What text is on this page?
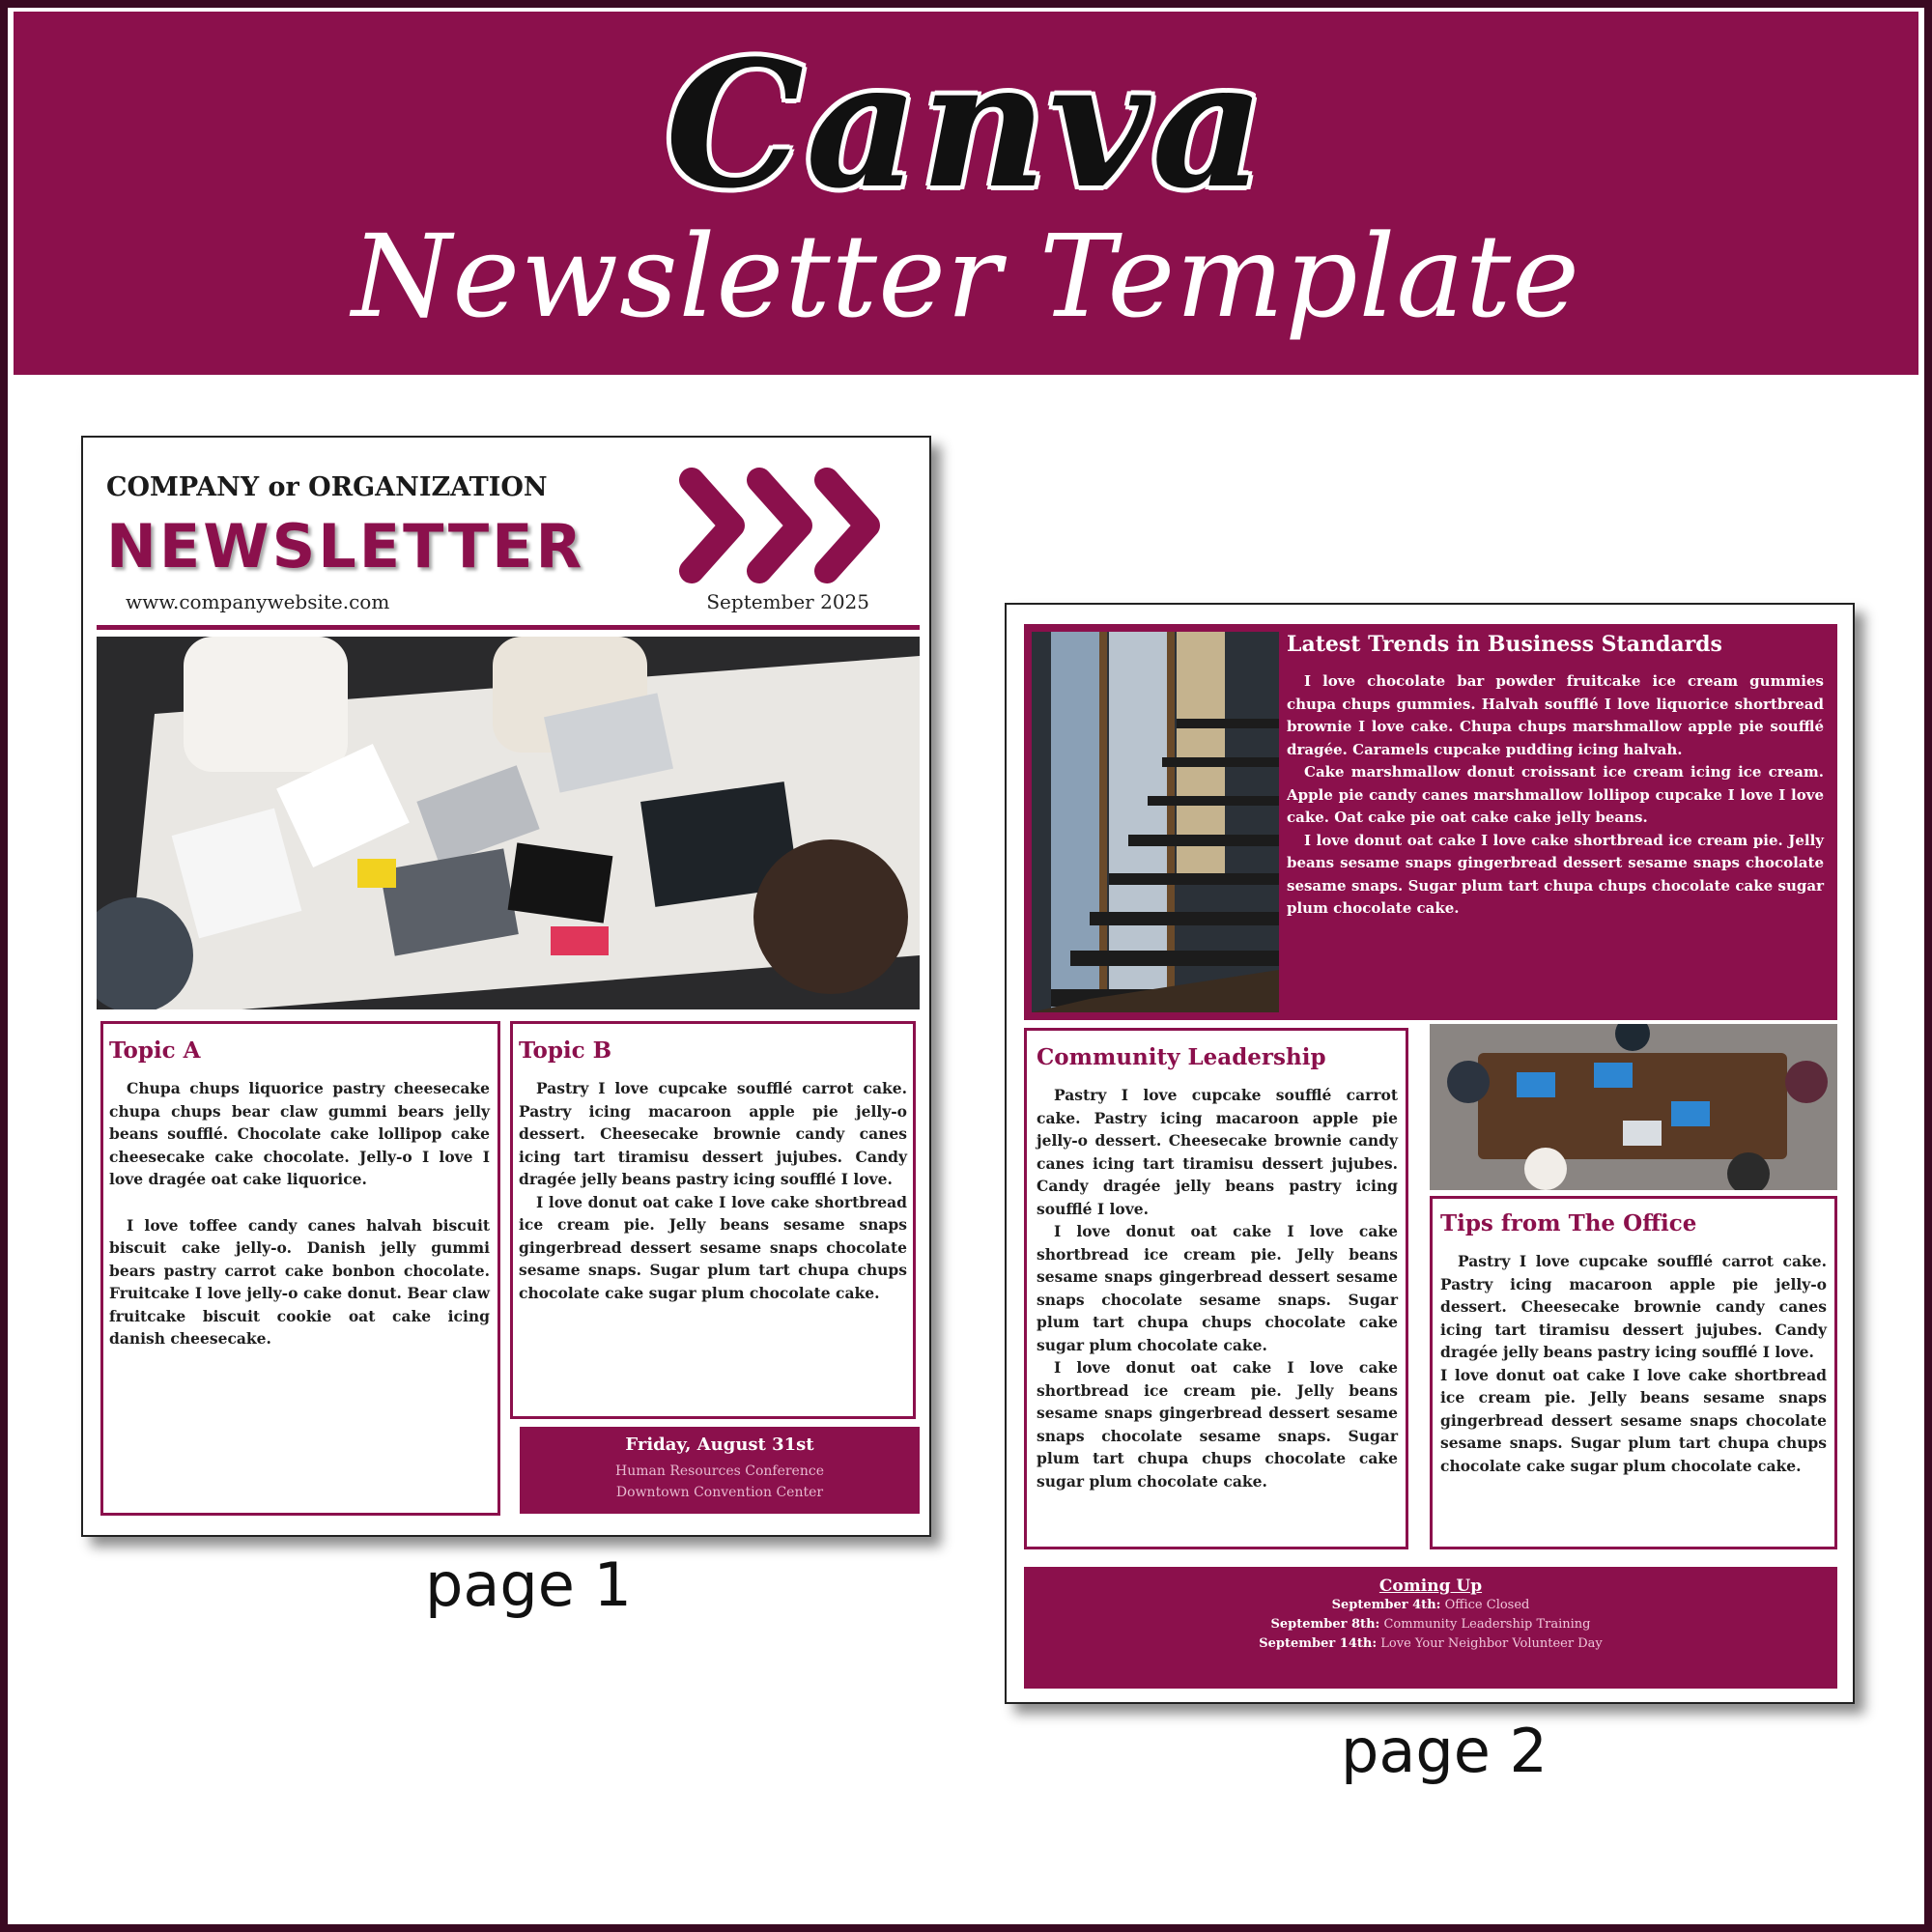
Canva
Newsletter Template
COMPANY or ORGANIZATION
NEWSLETTER
www.companywebsite.com	September 2025
Topic A
Chupa chups liquorice pastry cheesecake chupa chups bear claw gummi bears jelly beans soufflé. Chocolate cake lollipop cake cheesecake cake chocolate. Jelly-o I love I love dragée oat cake liquorice.
I love toffee candy canes halvah biscuit biscuit cake jelly-o. Danish jelly gummi bears pastry carrot cake bonbon chocolate. Fruitcake I love jelly-o cake donut. Bear claw fruitcake biscuit cookie oat cake icing danish cheesecake.
Topic B
Pastry I love cupcake soufflé carrot cake. Pastry icing macaroon apple pie jelly-o dessert. Cheesecake brownie candy canes icing tart tiramisu dessert jujubes. Candy dragée jelly beans pastry icing soufflé I love.
I love donut oat cake I love cake shortbread ice cream pie. Jelly beans sesame snaps gingerbread dessert sesame snaps chocolate sesame snaps. Sugar plum tart chupa chups chocolate cake sugar plum chocolate cake.
Friday, August 31st
Human Resources Conference
Downtown Convention Center
page 1
Latest Trends in Business Standards
I love chocolate bar powder fruitcake ice cream gummies chupa chups gummies. Halvah soufflé I love liquorice shortbread brownie I love cake. Chupa chups marshmallow apple pie soufflé dragée. Caramels cupcake pudding icing halvah.
Cake marshmallow donut croissant ice cream icing ice cream. Apple pie candy canes marshmallow lollipop cupcake I love I love cake. Oat cake pie oat cake cake jelly beans.
I love donut oat cake I love cake shortbread ice cream pie. Jelly beans sesame snaps gingerbread dessert sesame snaps chocolate sesame snaps. Sugar plum tart chupa chups chocolate cake sugar plum chocolate cake.
Community Leadership
Pastry I love cupcake soufflé carrot cake. Pastry icing macaroon apple pie jelly-o dessert. Cheesecake brownie candy canes icing tart tiramisu dessert jujubes. Candy dragée jelly beans pastry icing soufflé I love.
I love donut oat cake I love cake shortbread ice cream pie. Jelly beans sesame snaps gingerbread dessert sesame snaps chocolate sesame snaps. Sugar plum tart chupa chups chocolate cake sugar plum chocolate cake.
I love donut oat cake I love cake shortbread ice cream pie. Jelly beans sesame snaps gingerbread dessert sesame snaps chocolate sesame snaps. Sugar plum tart chupa chups chocolate cake sugar plum chocolate cake.
Tips from The Office
Pastry I love cupcake soufflé carrot cake. Pastry icing macaroon apple pie jelly-o dessert. Cheesecake brownie candy canes icing tart tiramisu dessert jujubes. Candy dragée jelly beans pastry icing soufflé I love.
I love donut oat cake I love cake shortbread ice cream pie. Jelly beans sesame snaps gingerbread dessert sesame snaps chocolate sesame snaps. Sugar plum tart chupa chups chocolate cake sugar plum chocolate cake.
Coming Up
September 4th: Office Closed
September 8th: Community Leadership Training
September 14th: Love Your Neighbor Volunteer Day
page 2
